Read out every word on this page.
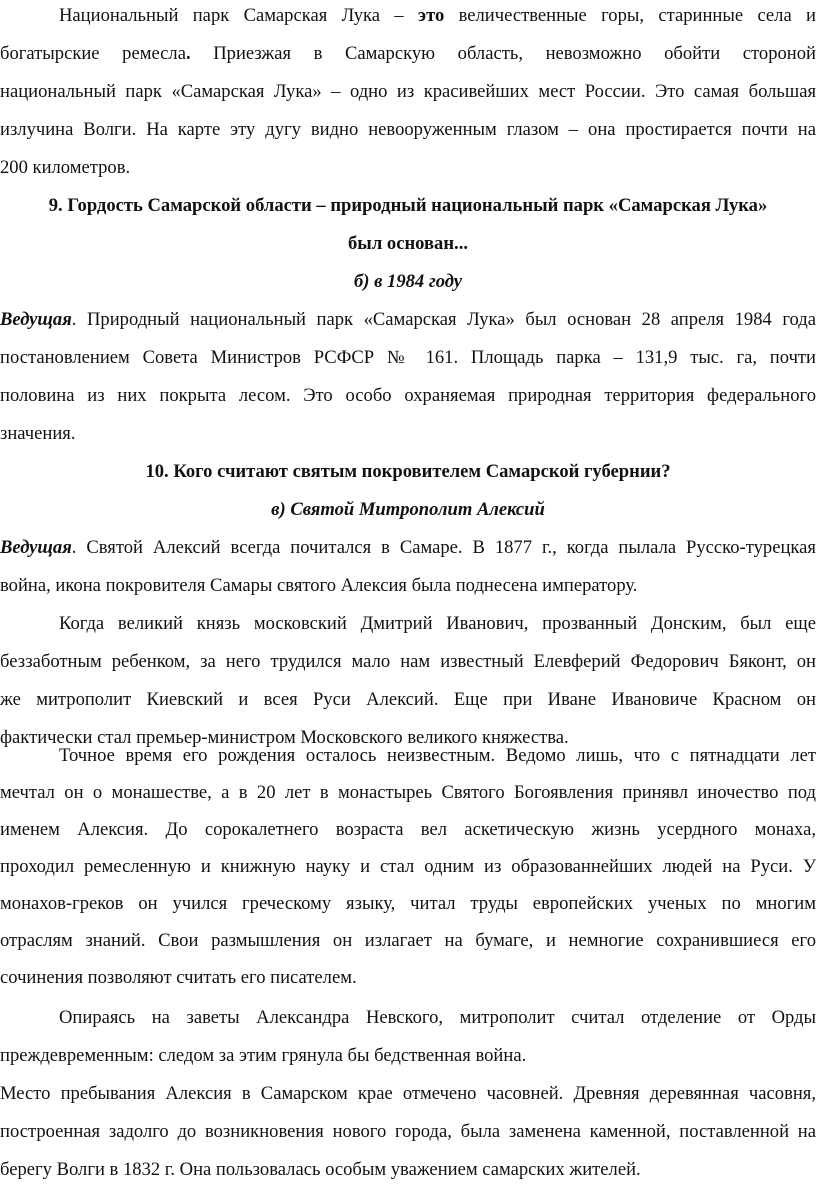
Национальный парк Самарская Лука – это величественные горы, старинные села и
богатырские ремесла. Приезжая в Самарскую область, невозможно обойти стороной
национальный парк «Самарская Лука» – одно из красивейших мест России. Это самая большая
излучина Волги. На карте эту дугу видно невооруженным глазом – она простирается почти на
200 километров.
9. Гордость Самарской области – природный национальный парк «Самарская Лука»
был основан...
б) в 1984 году
Ведущая. Природный национальный парк «Самарская Лука» был основан 28 апреля 1984 года
постановлением Совета Министров РСФСР № 161. Площадь парка – 131,9 тыс. га, почти
половина из них покрыта лесом. Это особо охраняемая природная территория федерального
значения.
10. Кого считают святым покровителем Самарской губернии?
в) Святой Митрополит Алексий
Ведущая. Святой Алексий всегда почитался в Самаре. В 1877 г., когда пылала Русско-турецкая
война, икона покровителя Самары святого Алексия была поднесена императору.
Когда великий князь московский Дмитрий Иванович, прозванный Донским, был еще
беззаботным ребенком, за него трудился мало нам известный Елевферий Федорович Бяконт, он
же митрополит Киевский и всея Руси Алексий. Еще при Иване Ивановиче Красном он
фактически стал премьер-министром Московского великого княжества.
Точное время его рождения осталось неизвестным. Ведомо лишь, что с пятнадцати лет
мечтал он о монашестве, а в 20 лет в монастыреь Святого Богоявления принявл иночество под
именем Алексия. До сорокалетнего возраста вел аскетическую жизнь усердного монаха,
проходил ремесленную и книжную науку и стал одним из образованнейших людей на Руси. У
монахов-греков он учился греческому языку, читал труды европейских ученых по многим
отраслям знаний. Свои размышления он излагает на бумаге, и немногие сохранившиеся его
сочинения позволяют считать его писателем.
Опираясь на заветы Александра Невского, митрополит считал отделение от Орды
преждевременным: следом за этим грянула бы бедственная война.
Место пребывания Алексия в Самарском крае отмечено часовней. Древняя деревянная часовня,
построенная задолго до возникновения нового города, была заменена каменной, поставленной на
берегу Волги в 1832 г. Она пользовалась особым уважением самарских жителей.
